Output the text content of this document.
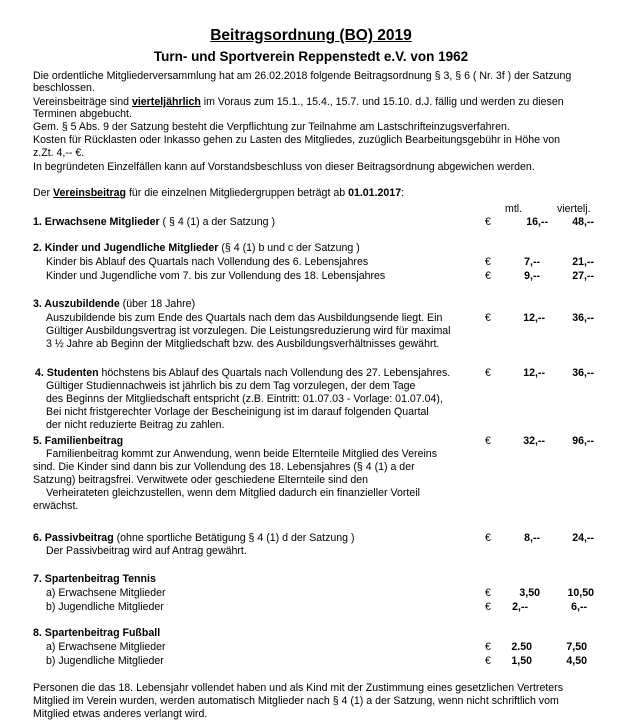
Beitragsordnung (BO) 2019
Turn- und Sportverein Reppenstedt e.V. von 1962
Die ordentliche Mitgliederversammlung hat am 26.02.2018 folgende Beitragsordnung § 3, § 6 ( Nr. 3f ) der Satzung
beschlossen.
Vereinsbeiträge sind vierteljährlich im Voraus zum 15.1., 15.4., 15.7. und 15.10. d.J. fällig und werden zu diesen
Terminen abgebucht.
Gem. § 5 Abs. 9 der Satzung besteht die Verpflichtung zur Teilnahme am Lastschrifteinzugsverfahren.
Kosten für Rücklasten oder Inkasso gehen zu Lasten des Mitgliedes, zuzüglich Bearbeitungsgebühr in Höhe von
z.Zt. 4,-- €.
In begründeten Einzelfällen kann auf Vorstandsbeschluss von dieser Beitragsordnung abgewichen werden.
Der Vereinsbeitrag für die einzelnen Mitgliedergruppen beträgt ab 01.01.2017:
mtl.	viertelj.
1. Erwachsene Mitglieder ( § 4 (1) a der Satzung )	€	16,--	48,--
2. Kinder und Jugendliche Mitglieder (§ 4 (1) b und c der Satzung )
Kinder bis Ablauf des Quartals nach Vollendung des 6. Lebensjahres	€	7,--	21,--
Kinder und Jugendliche vom 7. bis zur Vollendung des 18. Lebensjahres	€	9,--	27,--
3. Auszubildende (über 18 Jahre)
Auszubildende bis zum Ende des Quartals nach dem das Ausbildungsende liegt. Ein	€	12,--	36,--
Gültiger Ausbildungsvertrag ist vorzulegen. Die Leistungsreduzierung wird für maximal
3 ½ Jahre ab Beginn der Mitgliedschaft bzw. des Ausbildungsverhältnisses gewährt.
4. Studenten höchstens bis Ablauf des Quartals nach Vollendung des 27. Lebensjahres.	€	12,--	36,--
Gültiger Studiennachweis ist jährlich bis zu dem Tag vorzulegen, der dem Tage
des Beginns der Mitgliedschaft entspricht (z.B. Eintritt: 01.07.03 - Vorlage: 01.07.04),
Bei nicht fristgerechter Vorlage der Bescheinigung ist im darauf folgenden Quartal
der nicht reduzierte Beitrag zu zahlen.
5. Familienbeitrag	€	32,--	96,--
Familienbeitrag kommt zur Anwendung, wenn beide Elternteile Mitglied des Vereins
sind. Die Kinder sind dann bis zur Vollendung des 18. Lebensjahres (§ 4 (1) a der
Satzung) beitragsfrei. Verwitwete oder geschiedene Elternteile sind den
Verheirateten gleichzustellen, wenn dem Mitglied dadurch ein finanzieller Vorteil
erwächst.
6. Passivbeitrag (ohne sportliche Betätigung § 4 (1) d der Satzung )	€	8,--	24,--
Der Passivbeitrag wird auf Antrag gewährt.
7. Spartenbeitrag Tennis
a) Erwachsene Mitglieder	€	3,50	10,50
b) Jugendliche Mitglieder	€	2,--	6,--
8. Spartenbeitrag Fußball
a) Erwachsene Mitglieder	€	2.50	7,50
b) Jugendliche Mitglieder	€	1,50	4,50
Personen die das 18. Lebensjahr vollendet haben und als Kind mit der Zustimmung eines gesetzlichen Vertreters
Mitglied im Verein wurden, werden automatisch Mitglieder nach § 4 (1) a der Satzung, wenn nicht schriftlich vom
Mitglied etwas anderes verlangt wird.
